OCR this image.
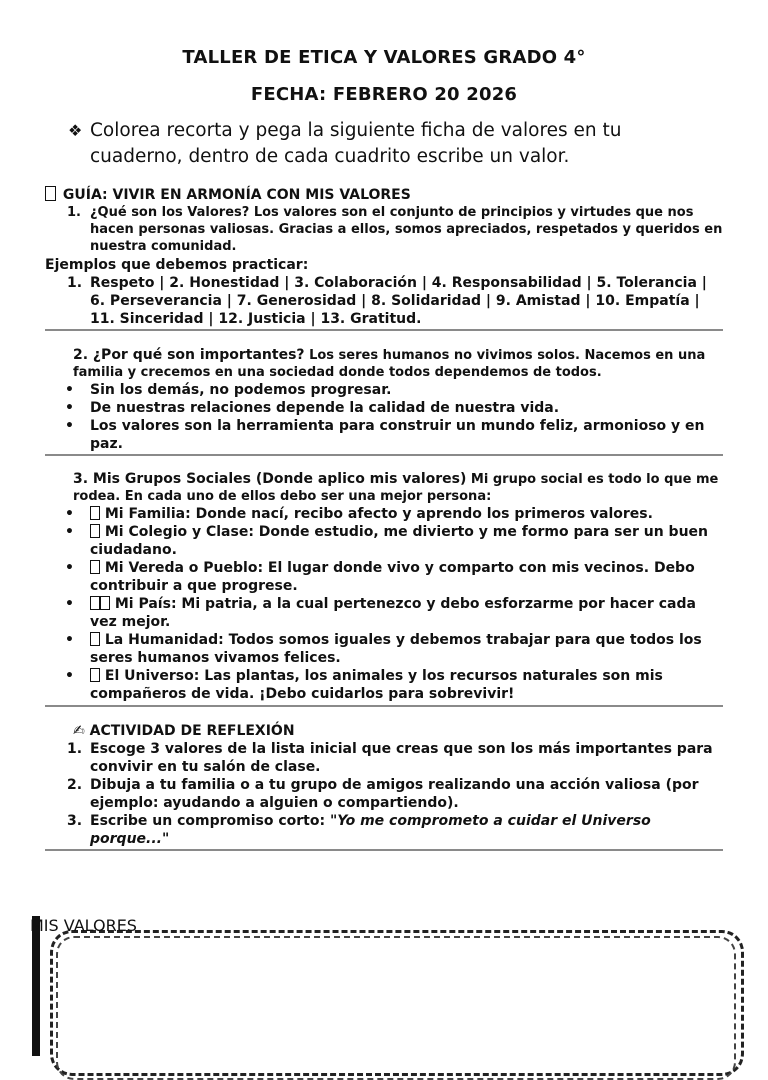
TALLER DE ETICA Y VALORES GRADO 4°
FECHA: FEBRERO 20 2026
❖ Colorea recorta y pega la siguiente ficha de valores en tu cuaderno, dentro de cada cuadrito escribe un valor.
GUÍA: VIVIR EN ARMONÍA CON MIS VALORES
1. ¿Qué son los Valores? Los valores son el conjunto de principios y virtudes que nos hacen personas valiosas. Gracias a ellos, somos apreciados, respetados y queridos en nuestra comunidad.
Ejemplos que debemos practicar:
1. Respeto | 2. Honestidad | 3. Colaboración | 4. Responsabilidad | 5. Tolerancia | 6. Perseverancia | 7. Generosidad | 8. Solidaridad | 9. Amistad | 10. Empatía | 11. Sinceridad | 12. Justicia | 13. Gratitud.
2. ¿Por qué son importantes? Los seres humanos no vivimos solos. Nacemos en una familia y crecemos en una sociedad donde todos dependemos de todos.
• Sin los demás, no podemos progresar.
• De nuestras relaciones depende la calidad de nuestra vida.
• Los valores son la herramienta para construir un mundo feliz, armonioso y en paz.
3. Mis Grupos Sociales (Donde aplico mis valores) Mi grupo social es todo lo que me rodea. En cada uno de ellos debo ser una mejor persona:
• Mi Familia: Donde nací, recibo afecto y aprendo los primeros valores.
• Mi Colegio y Clase: Donde estudio, me divierto y me formo para ser un buen ciudadano.
• Mi Vereda o Pueblo: El lugar donde vivo y comparto con mis vecinos. Debo contribuir a que progrese.
•	Mi País: Mi patria, a la cual pertenezco y debo esforzarme por hacer cada vez mejor.
• La Humanidad: Todos somos iguales y debemos trabajar para que todos los seres humanos vivamos felices.
• El Universo: Las plantas, los animales y los recursos naturales son mis compañeros de vida. ¡Debo cuidarlos para sobrevivir!
✍ ACTIVIDAD DE REFLEXIÓN
1. Escoge 3 valores de la lista inicial que creas que son los más importantes para convivir en tu salón de clase.
2. Dibuja a tu familia o a tu grupo de amigos realizando una acción valiosa (por ejemplo: ayudando a alguien o compartiendo).
3. Escribe un compromiso corto: "Yo me comprometo a cuidar el Universo porque..."
MIS VALORES
